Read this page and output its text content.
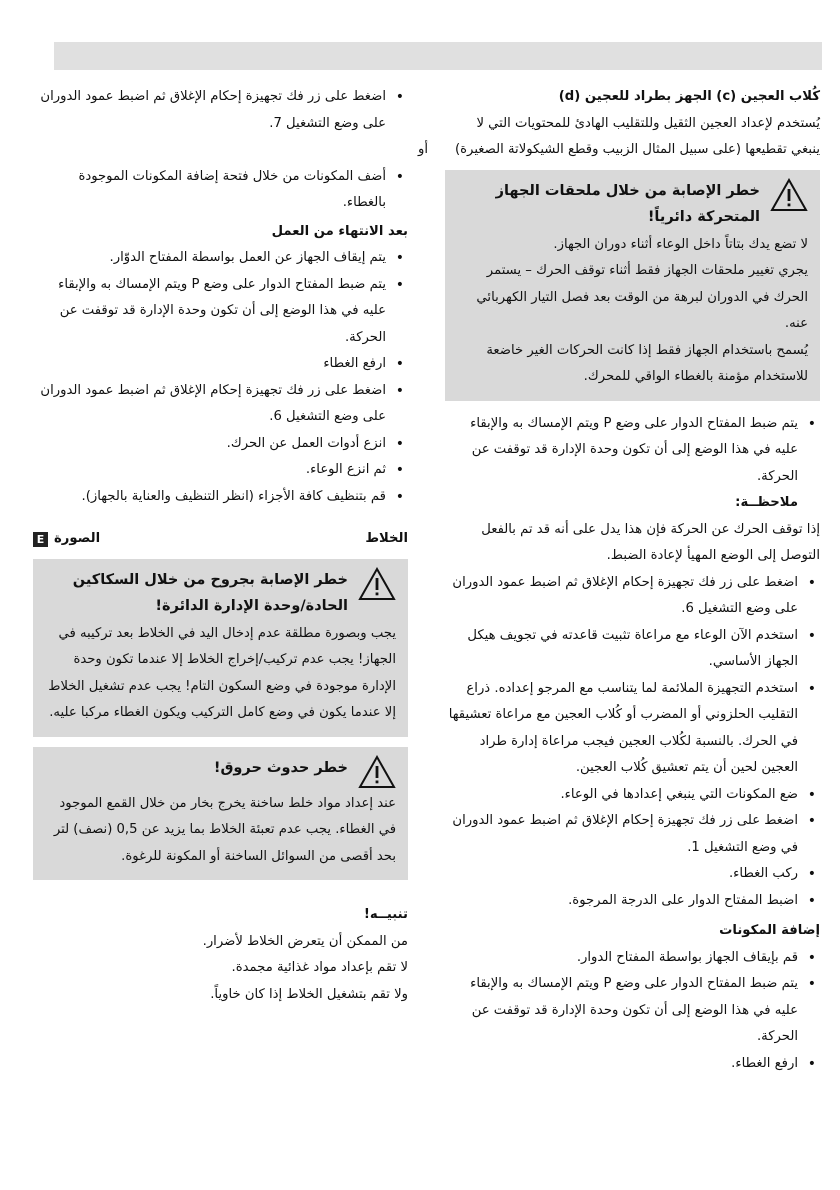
كُلاب العجين (c) الجهز بطراد للعجين (d)

يُستخدم لإعداد العجين الثقيل وللتقليب الهادئ للمحتويات التي لا ينبغي تقطيعها (على سبيل المثال الزبيب وقطع الشيكولاتة الصغيرة)

خطر الإصابة من خلال ملحقات الجهاز المتحركة دائرياً!

لا تضع يدك بتاتاً داخل الوعاء أثناء دوران الجهاز.

يجري تغيير ملحقات الجهاز فقط أثناء توقف الحرك – يستمر الحرك في الدوران لبرهة من الوقت بعد فصل التيار الكهربائي عنه.

يُسمح باستخدام الجهاز فقط إذا كانت الحركات الغير خاضعة للاستخدام مؤمنة بالغطاء الواقي للمحرك.

• يتم ضبط المفتاح الدوار على وضع P ويتم الإمساك به والإبقاء عليه في هذا الوضع إلى أن تكون وحدة الإدارة قد توقفت عن الحركة.

ملاحظــة:

إذا توقف الحرك عن الحركة فإن هذا يدل على أنه قد تم بالفعل التوصل إلى الوضع المهيأ لإعادة الضبط.

• اضغط على زر فك تجهيزة إحكام الإغلاق ثم اضبط عمود الدوران على وضع التشغيل 6.
• استخدم الآن الوعاء مع مراعاة تثبيت قاعدته في تجويف هيكل الجهاز الأساسي.
• استخدم التجهيزة الملائمة لما يتناسب مع المرجو إعداده. ذراع التقليب الحلزوني أو المضرب أو كُلاب العجين مع مراعاة تعشيقها في الحرك. بالنسبة لكُلاب العجين فيجب مراعاة إدارة طراد العجين لحين أن يتم تعشيق كُلاب العجين.
• ضع المكونات التي ينبغي إعدادها في الوعاء.
• اضغط على زر فك تجهيزة إحكام الإغلاق ثم اضبط عمود الدوران في وضع التشغيل 1.
• ركب الغطاء.
• اضبط المفتاح الدوار على الدرجة المرجوة.

إضافة المكونات

• قم بإيقاف الجهاز بواسطة المفتاح الدوار.
• يتم ضبط المفتاح الدوار على وضع P ويتم الإمساك به والإبقاء عليه في هذا الوضع إلى أن تكون وحدة الإدارة قد توقفت عن الحركة.
• ارفع الغطاء.
• اضغط على زر فك تجهيزة إحكام الإغلاق ثم اضبط عمود الدوران على وضع التشغيل 7.

أو

• أضف المكونات من خلال فتحة إضافة المكونات الموجودة بالغطاء.

بعد الانتهاء من العمل

• يتم إيقاف الجهاز عن العمل بواسطة المفتاح الدوّار.
• يتم ضبط المفتاح الدوار على وضع P ويتم الإمساك به والإبقاء عليه في هذا الوضع إلى أن تكون وحدة الإدارة قد توقفت عن الحركة.
• ارفع الغطاء
• اضغط على زر فك تجهيزة إحكام الإغلاق ثم اضبط عمود الدوران على وضع التشغيل 6.
• انزع أدوات العمل عن الحرك.
• ثم انزع الوعاء.
• قم بتنظيف كافة الأجزاء (انظر التنظيف والعناية بالجهاز).
الخلاط
الصورة
E
خطر الإصابة بجروح من خلال السكاكين الحادة/وحدة الإدارة الدائرة!

يجب وبصورة مطلقة عدم إدخال اليد في الخلاط بعد تركيبه في الجهاز! يجب عدم تركيب/إخراج الخلاط إلا عندما تكون وحدة الإدارة موجودة في وضع السكون التام! يجب عدم تشغيل الخلاط إلا عندما يكون في وضع كامل التركيب ويكون الغطاء مركبا عليه.

خطر حدوث حروق!

عند إعداد مواد خلط ساخنة يخرج بخار من خلال القمع الموجود في الغطاء. يجب عدم تعبئة الخلاط بما يزيد عن 0,5 (نصف) لتر بحد أقصى من السوائل الساخنة أو المكونة للرغوة.

تنبيــه!

من الممكن أن يتعرض الخلاط لأضرار.

لا تقم بإعداد مواد غذائية مجمدة.

ولا تقم بتشغيل الخلاط إذا كان خاوياً.
